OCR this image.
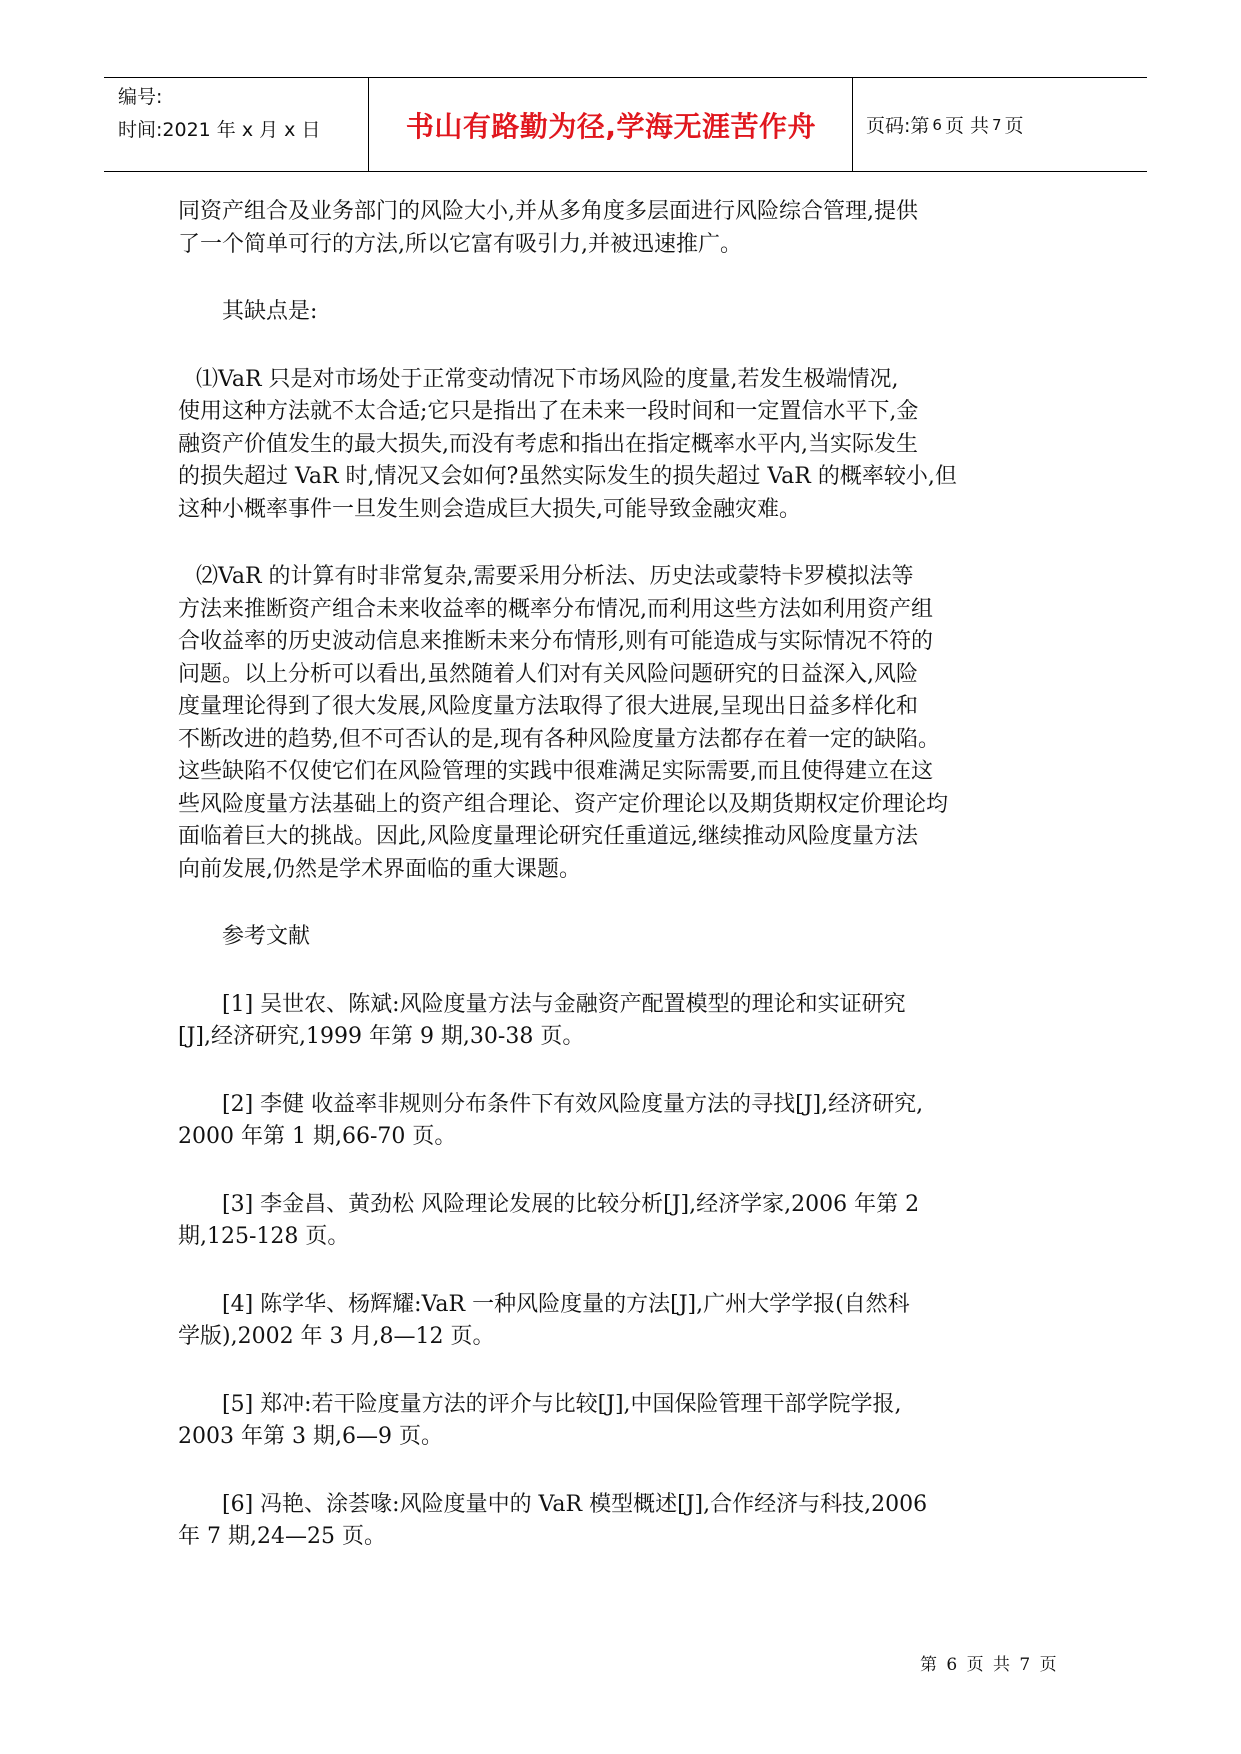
编号:
时间:2021 年 x 月 x 日	书山有路勤为径,学海无涯苦作舟	页码:第 6 页 共 7 页
同资产组合及业务部门的风险大小,并从多角度多层面进行风险综合管理,提供
了一个简单可行的方法,所以它富有吸引力,并被迅速推广。
其缺点是:
⑴VaR 只是对市场处于正常变动情况下市场风险的度量,若发生极端情况,
使用这种方法就不太合适;它只是指出了在未来一段时间和一定置信水平下,金
融资产价值发生的最大损失,而没有考虑和指出在指定概率水平内,当实际发生
的损失超过 VaR 时,情况又会如何?虽然实际发生的损失超过 VaR 的概率较小,但
这种小概率事件一旦发生则会造成巨大损失,可能导致金融灾难。
⑵VaR 的计算有时非常复杂,需要采用分析法、历史法或蒙特卡罗模拟法等
方法来推断资产组合未来收益率的概率分布情况,而利用这些方法如利用资产组
合收益率的历史波动信息来推断未来分布情形,则有可能造成与实际情况不符的
问题。以上分析可以看出,虽然随着人们对有关风险问题研究的日益深入,风险
度量理论得到了很大发展,风险度量方法取得了很大进展,呈现出日益多样化和
不断改进的趋势,但不可否认的是,现有各种风险度量方法都存在着一定的缺陷。
这些缺陷不仅使它们在风险管理的实践中很难满足实际需要,而且使得建立在这
些风险度量方法基础上的资产组合理论、资产定价理论以及期货期权定价理论均
面临着巨大的挑战。因此,风险度量理论研究任重道远,继续推动风险度量方法
向前发展,仍然是学术界面临的重大课题。
参考文献
[1] 吴世农、陈斌:风险度量方法与金融资产配置模型的理论和实证研究
[J],经济研究,1999 年第 9 期,30-38 页。
[2] 李健 收益率非规则分布条件下有效风险度量方法的寻找[J],经济研究,
2000 年第 1 期,66-70 页。
[3] 李金昌、黄劲松 风险理论发展的比较分析[J],经济学家,2006 年第 2
期,125-128 页。
[4] 陈学华、杨辉耀:VaR 一种风险度量的方法[J],广州大学学报(自然科
学版),2002 年 3 月,8—12 页。
[5] 郑冲:若干险度量方法的评介与比较[J],中国保险管理干部学院学报,
2003 年第 3 期,6—9 页。
[6] 冯艳、涂荟喙:风险度量中的 VaR 模型概述[J],合作经济与科技,2006
年 7 期,24—25 页。
第 6 页 共 7 页
